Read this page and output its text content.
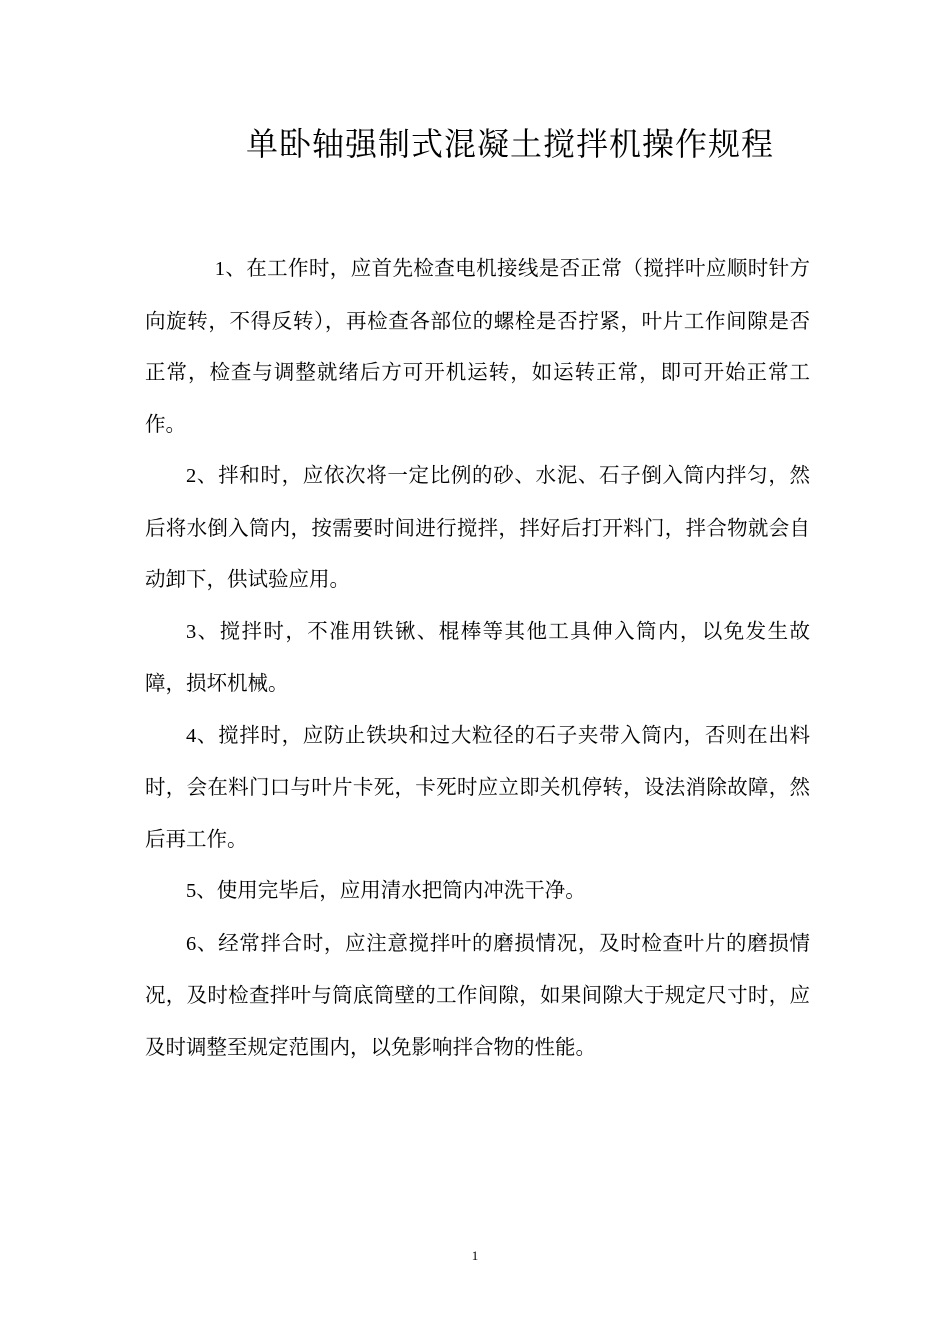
单卧轴强制式混凝土搅拌机操作规程

1、在工作时，应首先检查电机接线是否正常（搅拌叶应顺时针方向旋转，不得反转），再检查各部位的螺栓是否拧紧，叶片工作间隙是否正常，检查与调整就绪后方可开机运转，如运转正常，即可开始正常工作。

2、拌和时，应依次将一定比例的砂、水泥、石子倒入筒内拌匀，然后将水倒入筒内，按需要时间进行搅拌，拌好后打开料门，拌合物就会自动卸下，供试验应用。

3、搅拌时，不准用铁锹、棍棒等其他工具伸入筒内，以免发生故障，损坏机械。

4、搅拌时，应防止铁块和过大粒径的石子夹带入筒内，否则在出料时，会在料门口与叶片卡死，卡死时应立即关机停转，设法消除故障，然后再工作。

5、使用完毕后，应用清水把筒内冲洗干净。

6、经常拌合时，应注意搅拌叶的磨损情况，及时检查叶片的磨损情况，及时检查拌叶与筒底筒壁的工作间隙，如果间隙大于规定尺寸时，应及时调整至规定范围内，以免影响拌合物的性能。

1
